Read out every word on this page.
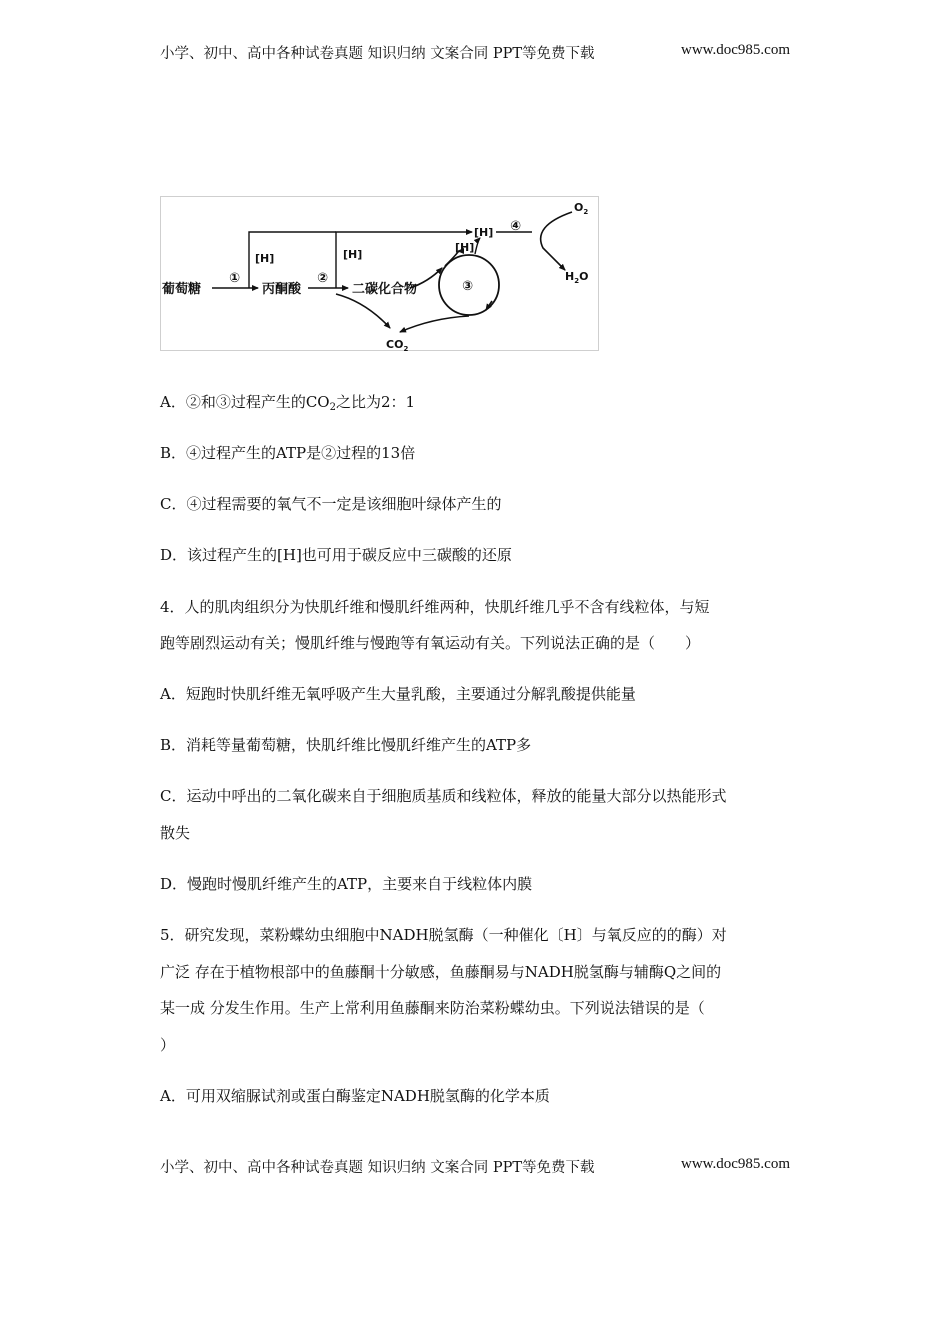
小学、初中、高中各种试卷真题 知识归纳 文案合同 PPT等免费下载	www.doc985.com
葡萄糖	丙酮酸	二碳化合物
[H]	[H]
[H]
[H]
①	②
③
④
$O_2$
$H_2O$
$CO_2$
A．②和③过程产生的$CO_2$之比为2：1
B．④过程产生的ATP是②过程的13倍
C．④过程需要的氧气不一定是该细胞叶绿体产生的
D．该过程产生的[H]也可用于碳反应中三碳酸的还原
4．人的肌肉组织分为快肌纤维和慢肌纤维两种，快肌纤维几乎不含有线粒体，与短
跑等剧烈运动有关；慢肌纤维与慢跑等有氧运动有关。下列说法正确的是（　　）
A．短跑时快肌纤维无氧呼吸产生大量乳酸，主要通过分解乳酸提供能量
B．消耗等量葡萄糖，快肌纤维比慢肌纤维产生的ATP多
C．运动中呼出的二氧化碳来自于细胞质基质和线粒体，释放的能量大部分以热能形式
散失
D．慢跑时慢肌纤维产生的ATP，主要来自于线粒体内膜
5．研究发现，菜粉蝶幼虫细胞中NADH脱氢酶（一种催化〔H〕与氧反应的的酶）对
广泛 存在于植物根部中的鱼藤酮十分敏感，鱼藤酮易与NADH脱氢酶与辅酶Q之间的
某一成 分发生作用。生产上常利用鱼藤酮来防治菜粉蝶幼虫。下列说法错误的是（
）
A．可用双缩脲试剂或蛋白酶鉴定NADH脱氢酶的化学本质
小学、初中、高中各种试卷真题 知识归纳 文案合同 PPT等免费下载	www.doc985.com
